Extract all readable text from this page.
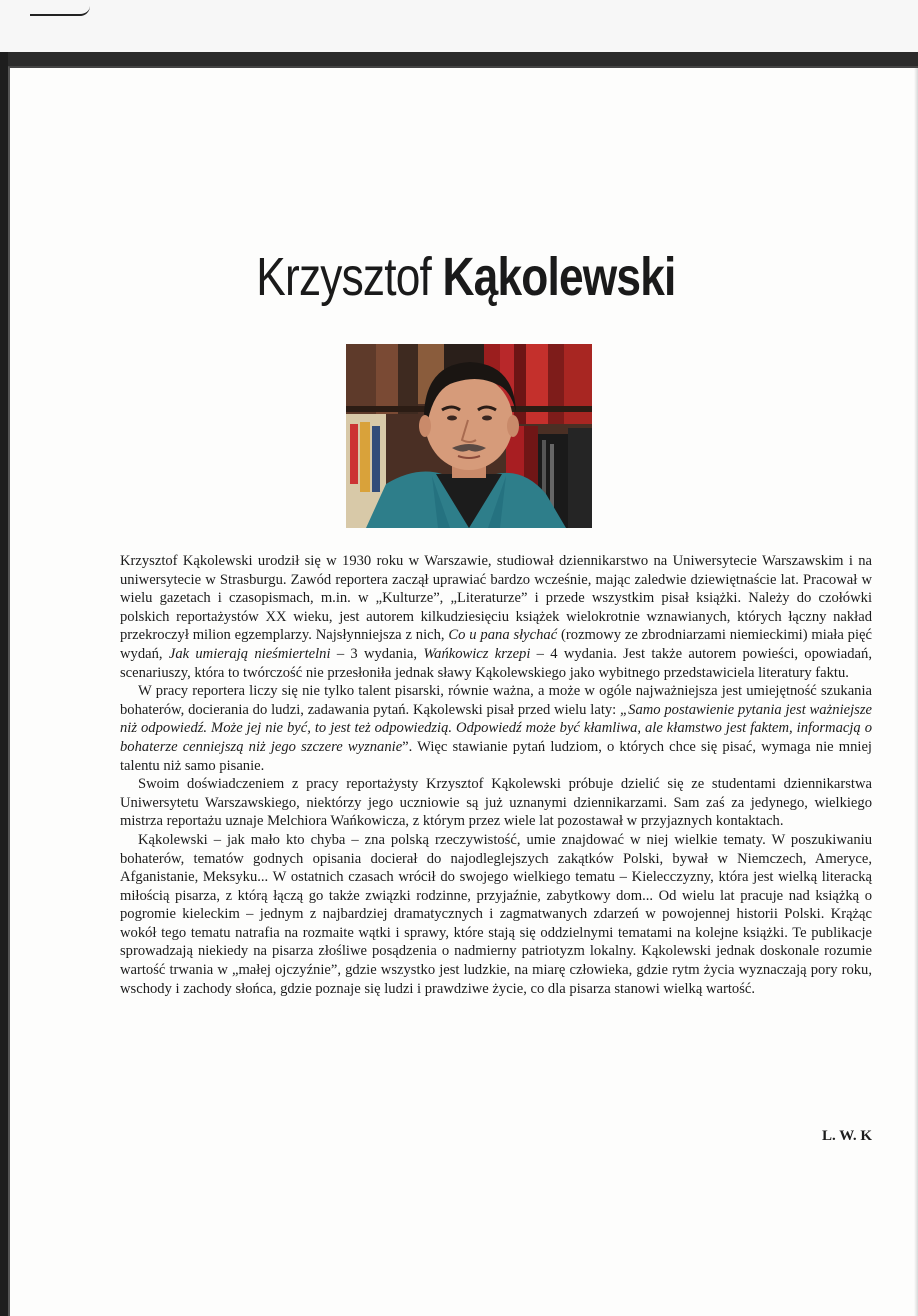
Krzysztof Kąkolewski

Krzysztof Kąkolewski urodził się w 1930 roku w Warszawie, studiował dziennikarstwo na Uniwersytecie Warszawskim i na uniwersytecie w Strasburgu. Zawód reportera zaczął uprawiać bardzo wcześnie, mając zaledwie dziewiętnaście lat. Pracował w wielu gazetach i czasopismach, m.in. w „Kulturze”, „Literaturze” i przede wszystkim pisał książki. Należy do czołówki polskich reportażystów XX wieku, jest autorem kilkudziesięciu książek wielokrotnie wznawianych, których łączny nakład przekroczył milion egzemplarzy. Najsłynniejsza z nich, Co u pana słychać (rozmowy ze zbrodniarzami niemieckimi) miała pięć wydań, Jak umierają nieśmiertelni – 3 wydania, Wańkowicz krzepi – 4 wydania. Jest także autorem powieści, opowiadań, scenariuszy, która to twórczość nie przesłoniła jednak sławy Kąkolewskiego jako wybitnego przedstawiciela literatury faktu.

W pracy reportera liczy się nie tylko talent pisarski, równie ważna, a może w ogóle najważniejsza jest umiejętność szukania bohaterów, docierania do ludzi, zadawania pytań. Kąkolewski pisał przed wielu laty: „Samo postawienie pytania jest ważniejsze niż odpowiedź. Może jej nie być, to jest też odpowiedzią. Odpowiedź może być kłamliwa, ale kłamstwo jest faktem, informacją o bohaterze cenniejszą niż jego szczere wyznanie”. Więc stawianie pytań ludziom, o których chce się pisać, wymaga nie mniej talentu niż samo pisanie.

Swoim doświadczeniem z pracy reportażysty Krzysztof Kąkolewski próbuje dzielić się ze studentami dziennikarstwa Uniwersytetu Warszawskiego, niektórzy jego uczniowie są już uznanymi dziennikarzami. Sam zaś za jedynego, wielkiego mistrza reportażu uznaje Melchiora Wańkowicza, z którym przez wiele lat pozostawał w przyjaznych kontaktach.

Kąkolewski – jak mało kto chyba – zna polską rzeczywistość, umie znajdować w niej wielkie tematy. W poszukiwaniu bohaterów, tematów godnych opisania docierał do najodleglejszych zakątków Polski, bywał w Niemczech, Ameryce, Afganistanie, Meksyku... W ostatnich czasach wrócił do swojego wielkiego tematu – Kielecczyzny, która jest wielką literacką miłością pisarza, z którą łączą go także związki rodzinne, przyjaźnie, zabytkowy dom... Od wielu lat pracuje nad książką o pogromie kieleckim – jednym z najbardziej dramatycznych i zagmatwanych zdarzeń w powojennej historii Polski. Krążąc wokół tego tematu natrafia na rozmaite wątki i sprawy, które stają się oddzielnymi tematami na kolejne książki. Te publikacje sprowadzają niekiedy na pisarza złośliwe posądzenia o nadmierny patriotyzm lokalny. Kąkolewski jednak doskonale rozumie wartość trwania w „małej ojczyźnie”, gdzie wszystko jest ludzkie, na miarę człowieka, gdzie rytm życia wyznaczają pory roku, wschody i zachody słońca, gdzie poznaje się ludzi i prawdziwe życie, co dla pisarza stanowi wielką wartość.

L. W. K
